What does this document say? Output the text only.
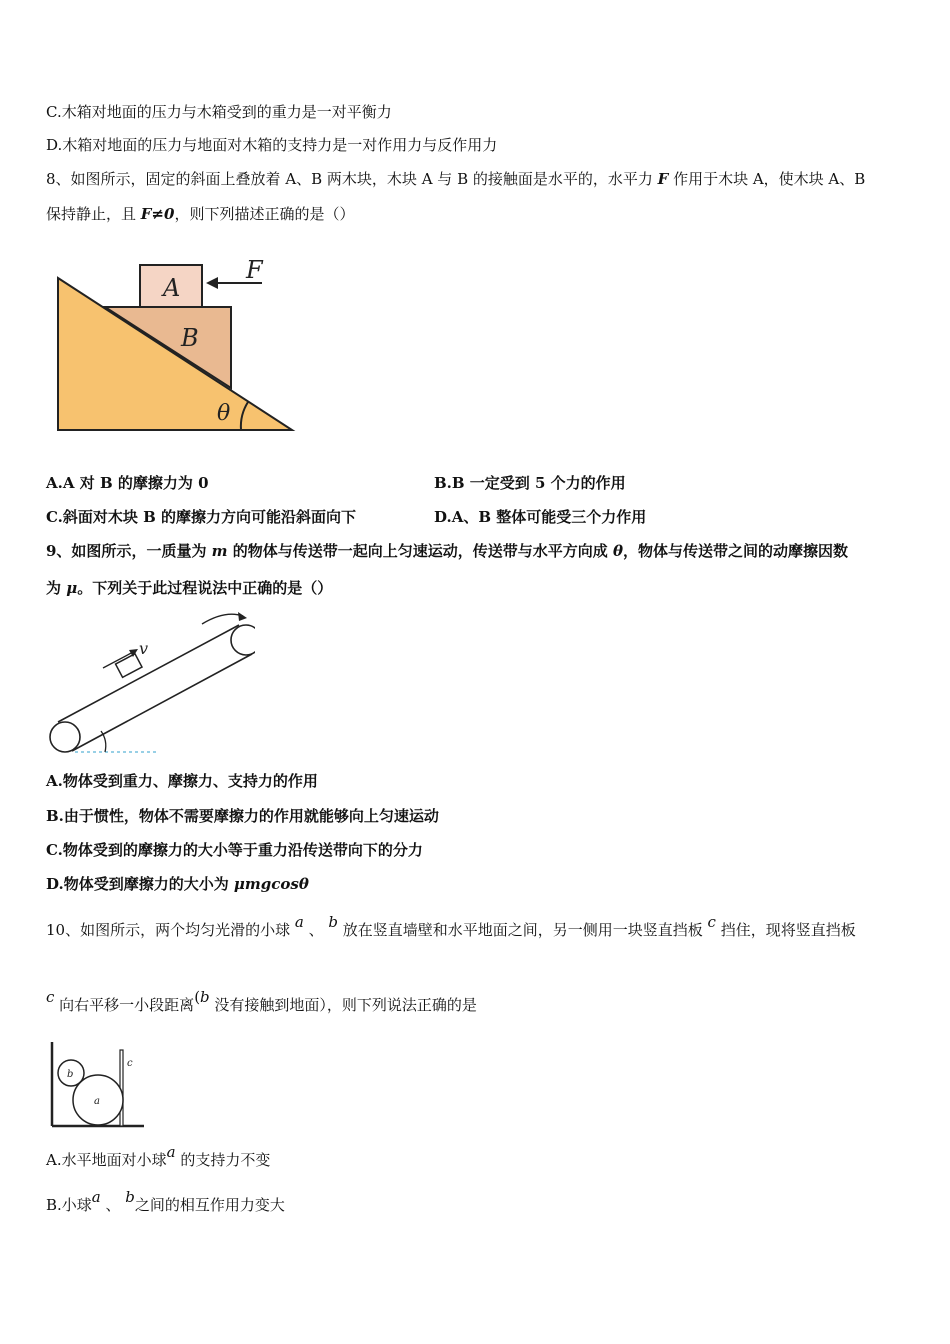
C.木箱对地面的压力与木箱受到的重力是一对平衡力
D.木箱对地面的压力与地面对木箱的支持力是一对作用力与反作用力
8、如图所示，固定的斜面上叠放着 A、B 两木块，木块 A 与 B 的接触面是水平的，水平力 F 作用于木块 A，使木块 A、B
保持静止，且 F≠0，则下列描述正确的是（）
A
B
F
θ
A.A 对 B 的摩擦力为 0	B.B 一定受到 5 个力的作用
C.斜面对木块 B 的摩擦力方向可能沿斜面向下	D.A、B 整体可能受三个力作用
9、如图所示，一质量为 m 的物体与传送带一起向上匀速运动，传送带与水平方向成 θ，物体与传送带之间的动摩擦因数
为 μ。下列关于此过程说法中正确的是（）
v
A.物体受到重力、摩擦力、支持力的作用
B.由于惯性，物体不需要摩擦力的作用就能够向上匀速运动
C.物体受到的摩擦力的大小等于重力沿传送带向下的分力
D.物体受到摩擦力的大小为 μmgcosθ
10、如图所示，两个均匀光滑的小球 a 、 b 放在竖直墙壁和水平地面之间，另一侧用一块竖直挡板 c 挡住，现将竖直挡板
c 向右平移一小段距离(b 没有接触到地面），则下列说法正确的是
b
a
c
A.水平地面对小球a 的支持力不变
B.小球a 、 b之间的相互作用力变大
